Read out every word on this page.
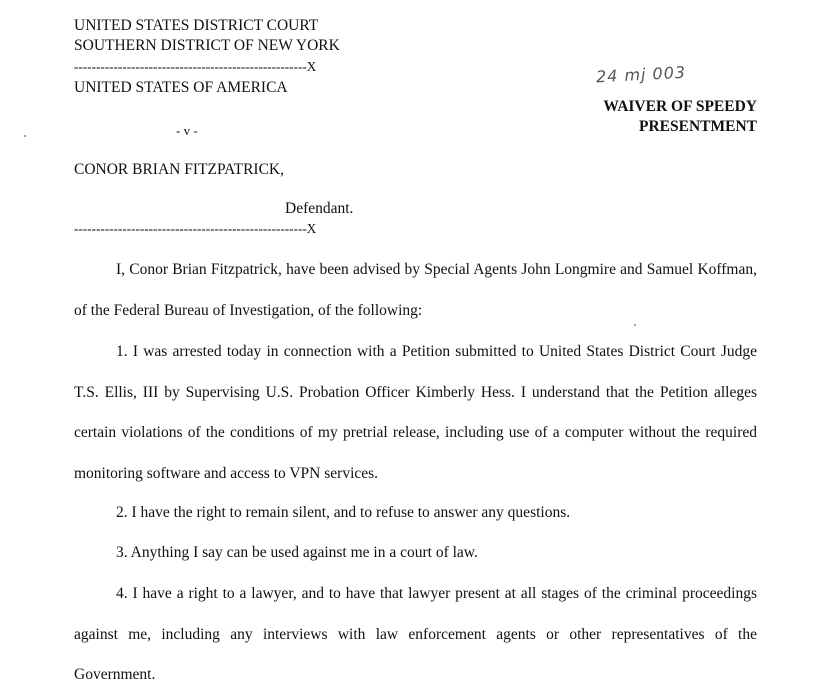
UNITED STATES DISTRICT COURT
SOUTHERN DISTRICT OF NEW YORK
-----------------------------------------------------X
UNITED STATES OF AMERICA
24 mj 003
WAIVER OF SPEEDY
PRESENTMENT
- v -
CONOR BRIAN FITZPATRICK,
Defendant.
-----------------------------------------------------X
I, Conor Brian Fitzpatrick, have been advised by Special Agents John Longmire and Samuel Koffman, of the Federal Bureau of Investigation, of the following:
1. I was arrested today in connection with a Petition submitted to United States District Court Judge T.S. Ellis, III by Supervising U.S. Probation Officer Kimberly Hess. I understand that the Petition alleges certain violations of the conditions of my pretrial release, including use of a computer without the required monitoring software and access to VPN services.
2. I have the right to remain silent, and to refuse to answer any questions.
3. Anything I say can be used against me in a court of law.
4. I have a right to a lawyer, and to have that lawyer present at all stages of the criminal proceedings against me, including any interviews with law enforcement agents or other representatives of the Government.
